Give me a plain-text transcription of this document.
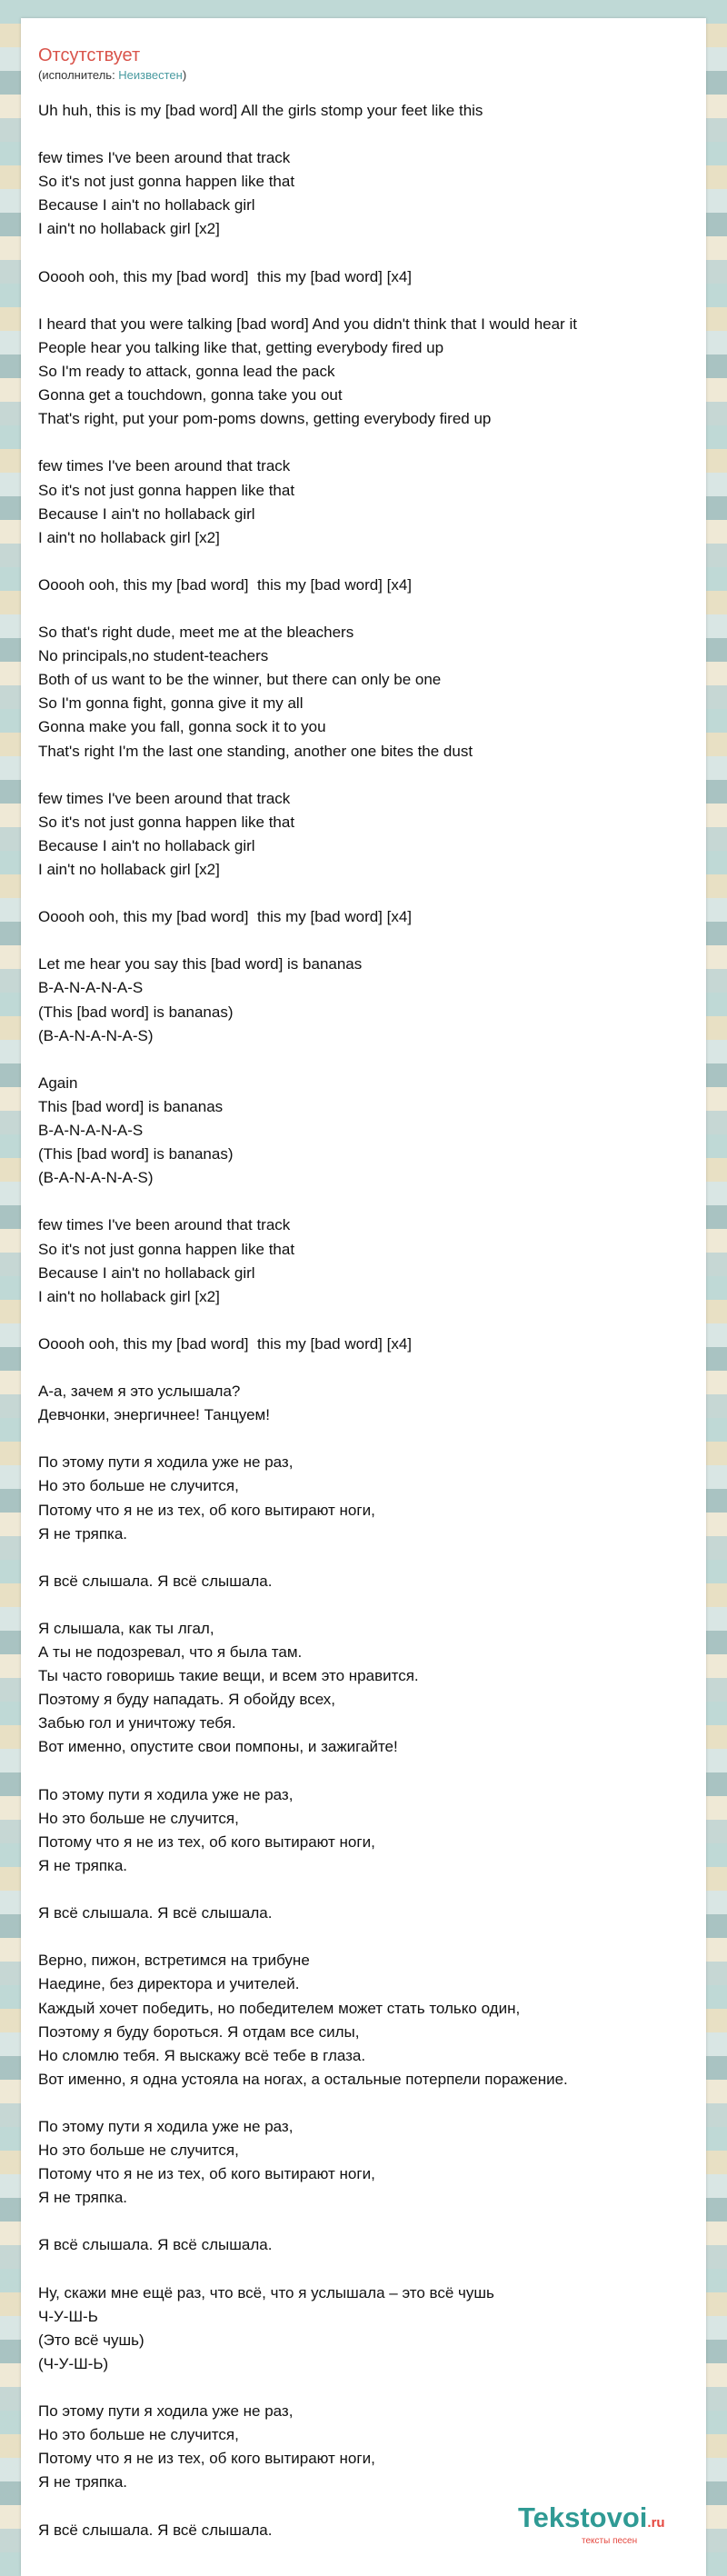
Отсутствует
(исполнитель: Неизвестен)
Uh huh, this is my [bad word] All the girls stomp your feet like this

few times I've been around that track
So it's not just gonna happen like that
Because I ain't no hollaback girl
I ain't no hollaback girl [x2]

Ooooh ooh, this my [bad word]  this my [bad word] [x4]

I heard that you were talking [bad word] And you didn't think that I would hear it
People hear you talking like that, getting everybody fired up
So I'm ready to attack, gonna lead the pack
Gonna get a touchdown, gonna take you out
That's right, put your pom-poms downs, getting everybody fired up

few times I've been around that track
So it's not just gonna happen like that
Because I ain't no hollaback girl
I ain't no hollaback girl [x2]

Ooooh ooh, this my [bad word]  this my [bad word] [x4]

So that's right dude, meet me at the bleachers
No principals,no student-teachers
Both of us want to be the winner, but there can only be one
So I'm gonna fight, gonna give it my all
Gonna make you fall, gonna sock it to you
That's right I'm the last one standing, another one bites the dust

few times I've been around that track
So it's not just gonna happen like that
Because I ain't no hollaback girl
I ain't no hollaback girl [x2]

Ooooh ooh, this my [bad word]  this my [bad word] [x4]

Let me hear you say this [bad word] is bananas
B-A-N-A-N-A-S
(This [bad word] is bananas)
(B-A-N-A-N-A-S)

Again
This [bad word] is bananas
B-A-N-A-N-A-S
(This [bad word] is bananas)
(B-A-N-A-N-A-S)

few times I've been around that track
So it's not just gonna happen like that
Because I ain't no hollaback girl
I ain't no hollaback girl [x2]

Ooooh ooh, this my [bad word]  this my [bad word] [x4]

А-а, зачем я это услышала?
Девчонки, энергичнее! Танцуем!

По этому пути я ходила уже не раз,
Но это больше не случится,
Потому что я не из тех, об кого вытирают ноги,
Я не тряпка.

Я всё слышала. Я всё слышала.

Я слышала, как ты лгал,
А ты не подозревал, что я была там.
Ты часто говоришь такие вещи, и всем это нравится.
Поэтому я буду нападать. Я обойду всех,
Забью гол и уничтожу тебя.
Вот именно, опустите свои помпоны, и зажигайте!

По этому пути я ходила уже не раз,
Но это больше не случится,
Потому что я не из тех, об кого вытирают ноги,
Я не тряпка.

Я всё слышала. Я всё слышала.

Верно, пижон, встретимся на трибуне
Наедине, без директора и учителей.
Каждый хочет победить, но победителем может стать только один,
Поэтому я буду бороться. Я отдам все силы,
Но сломлю тебя. Я выскажу всё тебе в глаза.
Вот именно, я одна устояла на ногах, а остальные потерпели поражение.

По этому пути я ходила уже не раз,
Но это больше не случится,
Потому что я не из тех, об кого вытирают ноги,
Я не тряпка.

Я всё слышала. Я всё слышала.

Ну, скажи мне ещё раз, что всё, что я услышала – это всё чушь
Ч-У-Ш-Ь
(Это всё чушь)
(Ч-У-Ш-Ь)

По этому пути я ходила уже не раз,
Но это больше не случится,
Потому что я не из тех, об кого вытирают ноги,
Я не тряпка.

Я всё слышала. Я всё слышала.	Tekstovoi.ru
тексты песен
